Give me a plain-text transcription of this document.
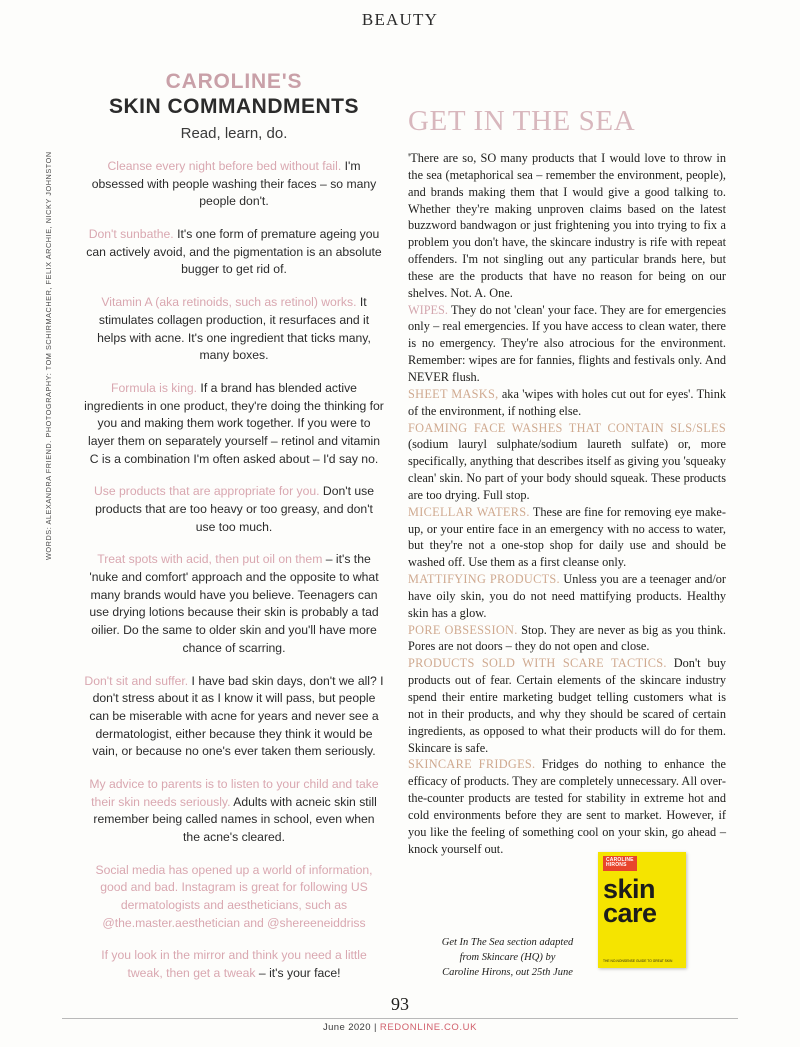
BEAUTY
WORDS: ALEXANDRA FRIEND. PHOTOGRAPHY: TOM SCHIRMACHER, FELIX ARCHIE, NICKY JOHNSTON
CAROLINE'S
SKIN COMMANDMENTS
Read, learn, do.

Cleanse every night before bed without fail. I'm obsessed with people washing their faces – so many people don't.

Don't sunbathe. It's one form of premature ageing you can actively avoid, and the pigmentation is an absolute bugger to get rid of.

Vitamin A (aka retinoids, such as retinol) works. It stimulates collagen production, it resurfaces and it helps with acne. It's one ingredient that ticks many, many boxes.

Formula is king. If a brand has blended active ingredients in one product, they're doing the thinking for you and making them work together. If you were to layer them on separately yourself – retinol and vitamin C is a combination I'm often asked about – I'd say no.

Use products that are appropriate for you. Don't use products that are too heavy or too greasy, and don't use too much.

Treat spots with acid, then put oil on them – it's the 'nuke and comfort' approach and the opposite to what many brands would have you believe. Teenagers can use drying lotions because their skin is probably a tad oilier. Do the same to older skin and you'll have more chance of scarring.

Don't sit and suffer. I have bad skin days, don't we all? I don't stress about it as I know it will pass, but people can be miserable with acne for years and never see a dermatologist, either because they think it would be vain, or because no one's ever taken them seriously.

My advice to parents is to listen to your child and take their skin needs seriously. Adults with acneic skin still remember being called names in school, even when the acne's cleared.

Social media has opened up a world of information, good and bad. Instagram is great for following US dermatologists and aestheticians, such as @the.master.aesthetician and @shereeneiddriss

If you look in the mirror and think you need a little tweak, then get a tweak – it's your face!

GET IN THE SEA

'There are so, SO many products that I would love to throw in the sea (metaphorical sea – remember the environment, people), and brands making them that I would give a good talking to. Whether they're making unproven claims based on the latest buzzword bandwagon or just frightening you into trying to fix a problem you don't have, the skincare industry is rife with repeat offenders. I'm not singling out any particular brands here, but these are the products that have no reason for being on our shelves. Not. A. One.

WIPES. They do not 'clean' your face. They are for emergencies only – real emergencies. If you have access to clean water, there is no emergency. They're also atrocious for the environment. Remember: wipes are for fannies, flights and festivals only. And NEVER flush.

SHEET MASKS, aka 'wipes with holes cut out for eyes'. Think of the environment, if nothing else.

FOAMING FACE WASHES THAT CONTAIN SLS/SLES (sodium lauryl sulphate/sodium laureth sulfate) or, more specifically, anything that describes itself as giving you 'squeaky clean' skin. No part of your body should squeak. These products are too drying. Full stop.

MICELLAR WATERS. These are fine for removing eye make-up, or your entire face in an emergency with no access to water, but they're not a one-stop shop for daily use and should be washed off. Use them as a first cleanse only.

MATTIFYING PRODUCTS. Unless you are a teenager and/or have oily skin, you do not need mattifying products. Healthy skin has a glow.

PORE OBSESSION. Stop. They are never as big as you think. Pores are not doors – they do not open and close.

PRODUCTS SOLD WITH SCARE TACTICS. Don't buy products out of fear. Certain elements of the skincare industry spend their entire marketing budget telling customers what is not in their products, and why they should be scared of certain ingredients, as opposed to what their products will do for them. Skincare is safe.

SKINCARE FRIDGES. Fridges do nothing to enhance the efficacy of products. They are completely unnecessary. All over-the-counter products are tested for stability in extreme hot and cold environments before they are sent to market. However, if you like the feeling of something cool on your skin, go ahead – knock yourself out.

CAROLINE
HIRONS
skin
care
THE NO-NONSENSE GUIDE TO GREAT SKIN
Get In The Sea section adapted
from Skincare (HQ) by
Caroline Hirons, out 25th June
93
June 2020 | REDONLINE.CO.UK
